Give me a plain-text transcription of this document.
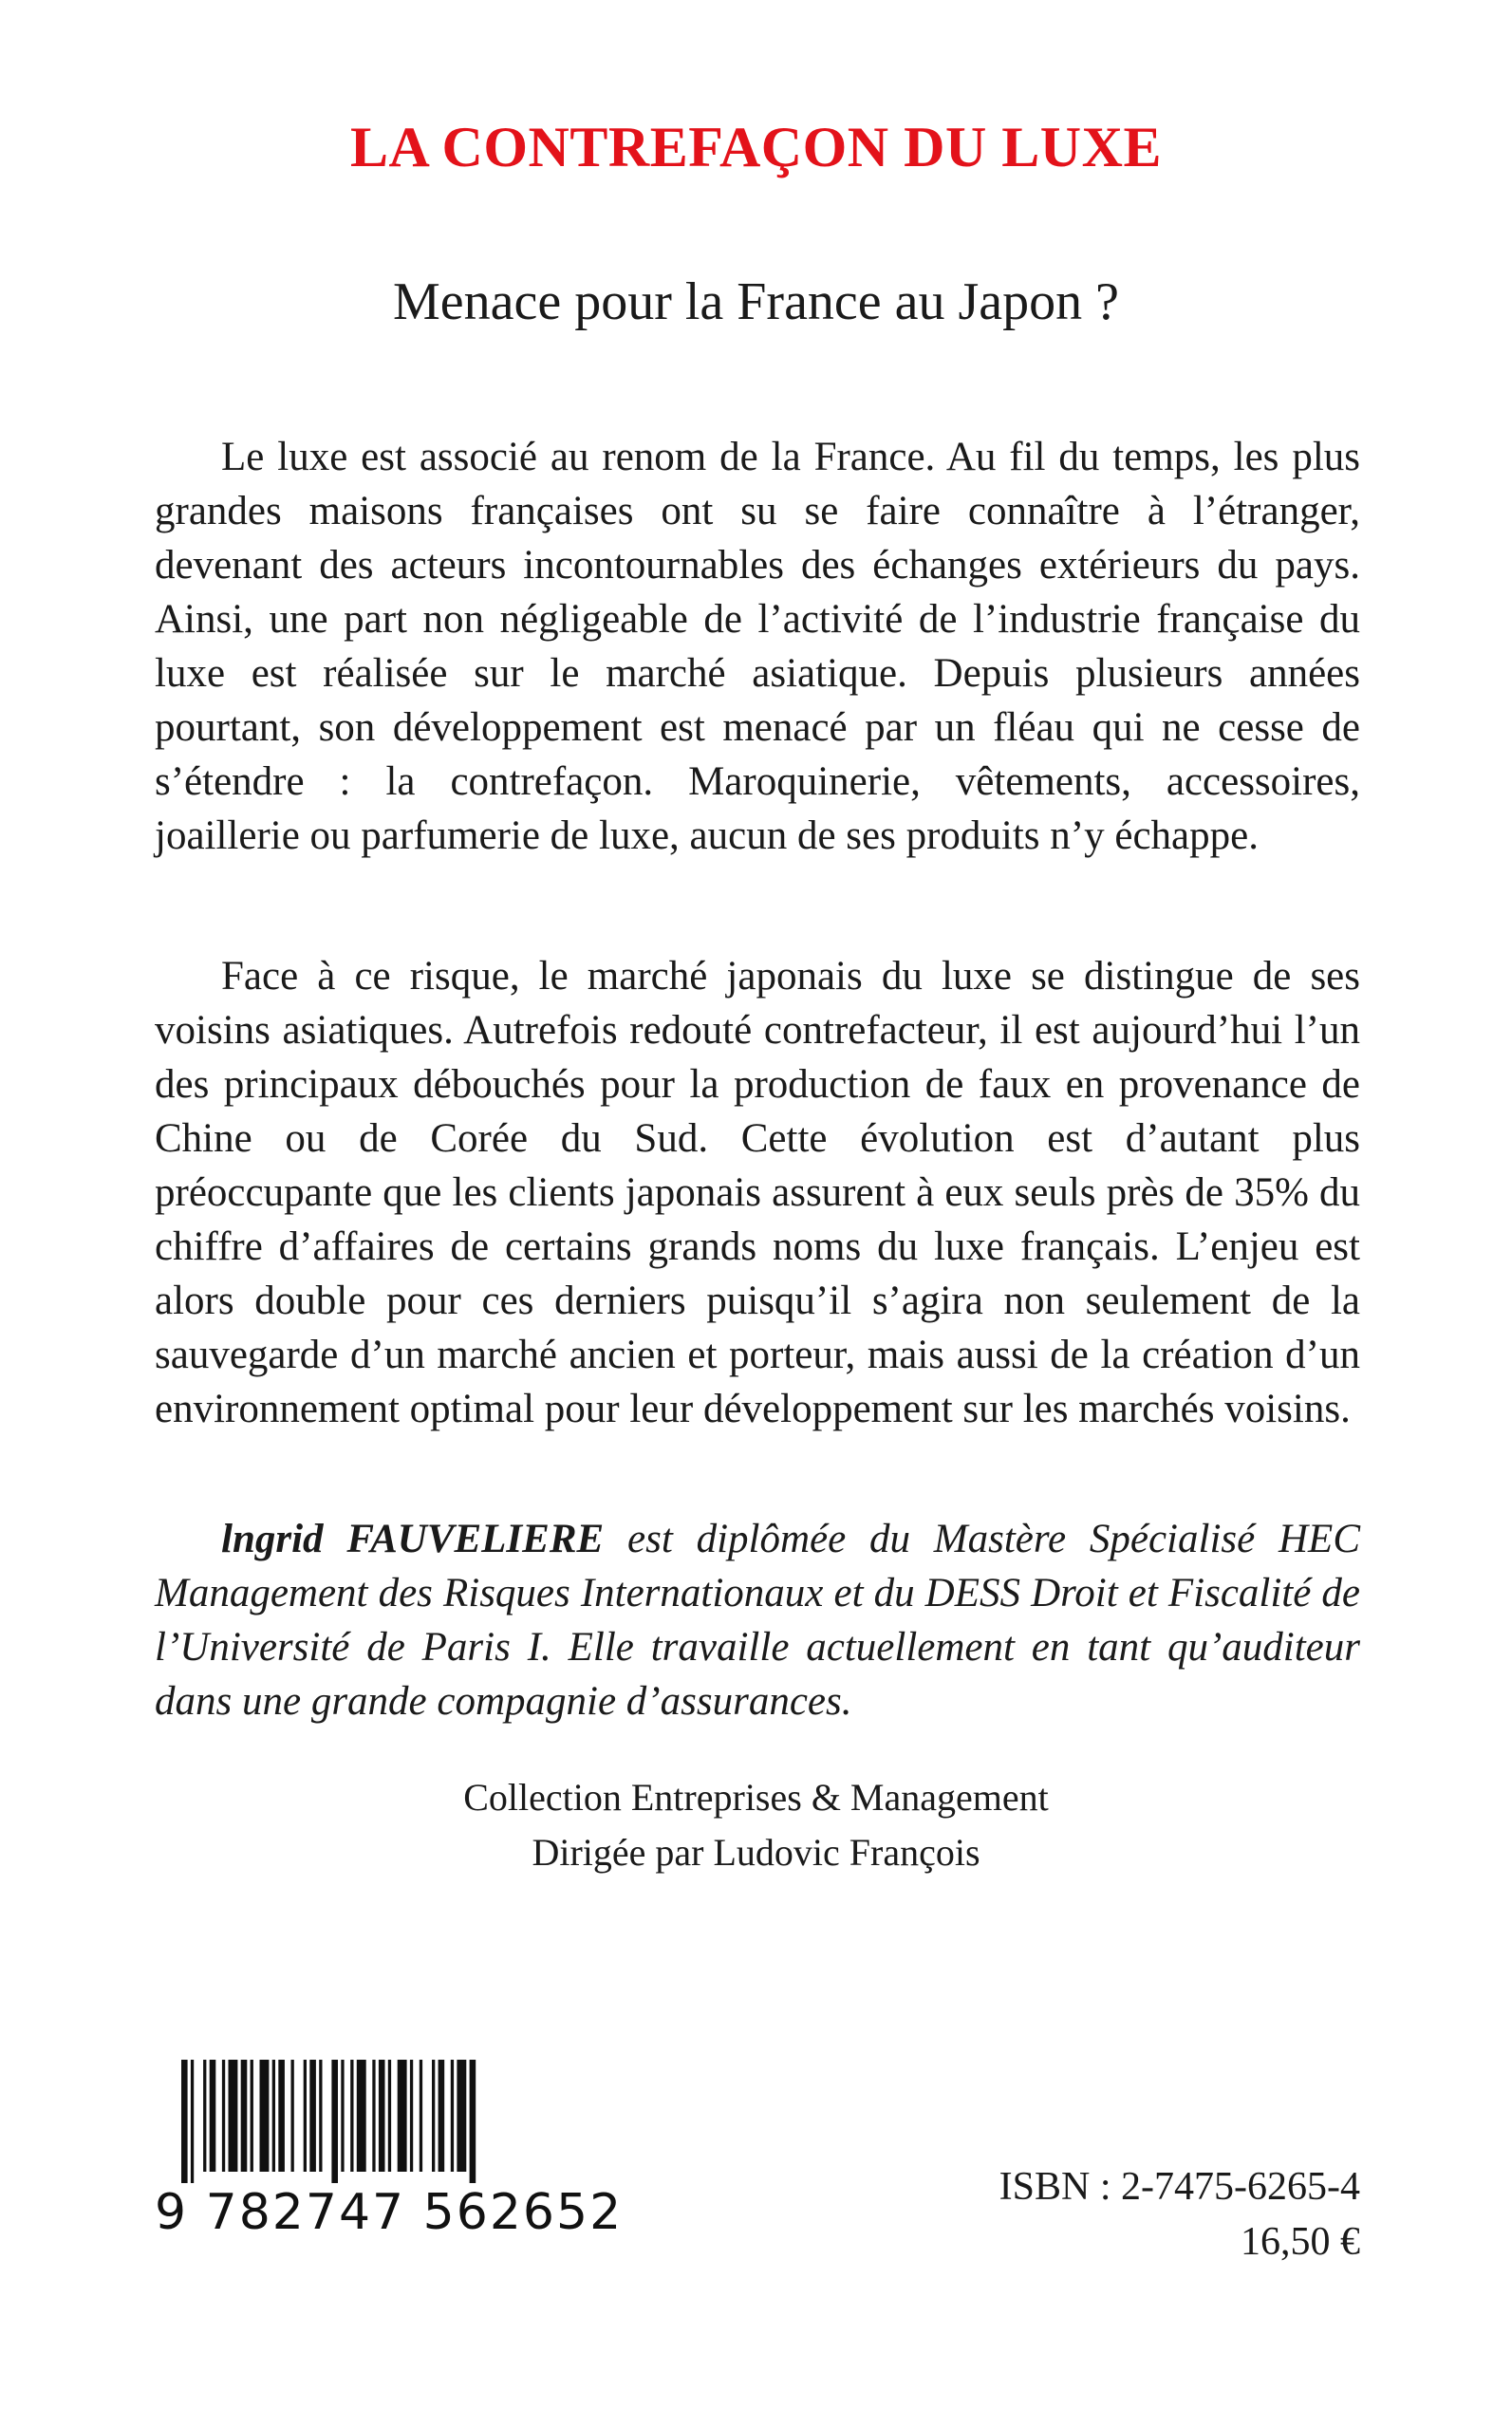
LA CONTREFAÇON DU LUXE
Menace pour la France au Japon ?

Le luxe est associé au renom de la France. Au fil du temps, les plus grandes maisons françaises ont su se faire connaître à l’étranger, devenant des acteurs incontournables des échanges extérieurs du pays. Ainsi, une part non négligeable de l’activité de l’industrie française du luxe est réalisée sur le marché asiatique. Depuis plusieurs années pourtant, son développement est menacé par un fléau qui ne cesse de s’étendre : la contrefaçon. Maroquinerie, vêtements, accessoires, joaillerie ou parfumerie de luxe, aucun de ses produits n’y échappe.

Face à ce risque, le marché japonais du luxe se distingue de ses voisins asiatiques. Autrefois redouté contrefacteur, il est aujourd’hui l’un des principaux débouchés pour la production de faux en provenance de Chine ou de Corée du Sud. Cette évolution est d’autant plus préoccupante que les clients japonais assurent à eux seuls près de 35% du chiffre d’affaires de certains grands noms du luxe français. L’enjeu est alors double pour ces derniers puisqu’il s’agira non seulement de la sauvegarde d’un marché ancien et porteur, mais aussi de la création d’un environnement optimal pour leur développement sur les marchés voisins.

lngrid FAUVELIERE est diplômée du Mastère Spécialisé HEC Management des Risques Internationaux et du DESS Droit et Fiscalité de l’Université de Paris I. Elle travaille actuellement en tant qu’auditeur dans une grande compagnie d’assurances.

Collection Entreprises & Management
Dirigée par Ludovic François
9 782747 562652	ISBN : 2-7475-6265-4
16,50 €
